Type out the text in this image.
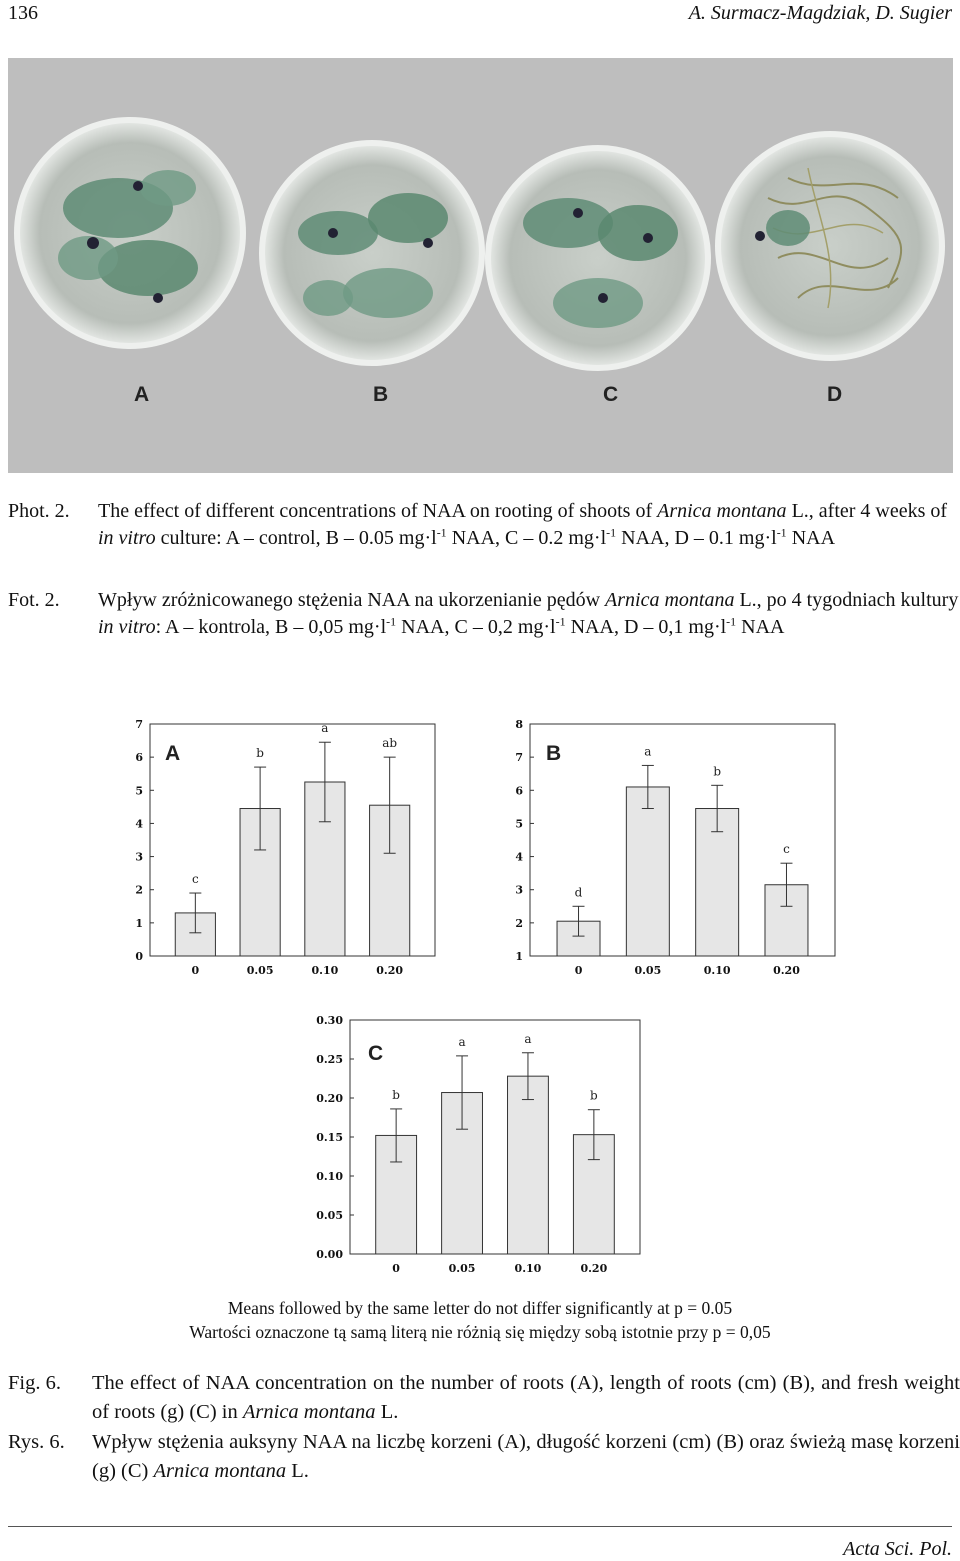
136	A. Surmacz-Magdziak, D. Sugier
A	B	C	D
Phot. 2. The effect of different concentrations of NAA on rooting of shoots of Arnica montana L., after 4 weeks of in vitro culture: A – control, B – 0.05 $mg\cdot l^{-1}$ NAA, C – 0.2 $mg\cdot l^{-1}$ NAA, D – 0.1 $mg\cdot l^{-1}$ NAA
Fot. 2. Wpływ zróżnicowanego stężenia NAA na ukorzenianie pędów Arnica montana L., po 4 tygodniach kultury in vitro: A – kontrola, B – 0,05 $mg\cdot l^{-1}$ NAA, C – 0,2 $mg\cdot l^{-1}$ NAA, D – 0,1 $mg\cdot l^{-1}$ NAA
0
1
2
3
4
5
6
7
c
0
b
0.05
a
0.10
ab
0.20
A
1
2
3
4
5
6
7
8
d
0
a
0.05
b
0.10
c
0.20
B
0.00
0.05
0.10
0.15
0.20
0.25
0.30
b
0
a
0.05
a
0.10
b
0.20
C
Means followed by the same letter do not differ significantly at p = 0.05
Wartości oznaczone tą samą literą nie różnią się między sobą istotnie przy p = 0,05
Fig. 6. The effect of NAA concentration on the number of roots (A), length of roots (cm) (B), and fresh weight of roots (g) (C) in Arnica montana L.
Rys. 6. Wpływ stężenia auksyny NAA na liczbę korzeni (A), długość korzeni (cm) (B) oraz świeżą masę korzeni (g) (C) Arnica montana L.
Acta Sci. Pol.
